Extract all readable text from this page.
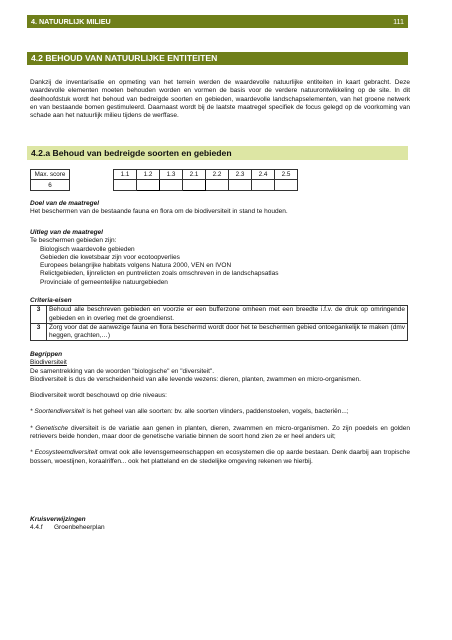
4. NATUURLIJK MILIEU	111
4.2 BEHOUD VAN NATUURLIJKE ENTITEITEN
Dankzij de inventarisatie en opmeting van het terrein werden de waardevolle natuurlijke entiteiten in kaart gebracht. Deze waardevolle elementen moeten behouden worden en vormen de basis voor de verdere natuurontwikkeling op de site. In dit deelhoofdstuk wordt het behoud van bedreigde soorten en gebieden, waardevolle landschapselementen, van het groene netwerk en van bestaande bomen gestimuleerd. Daarnaast wordt bij de laatste maatregel specifiek de focus gelegd op de voorkoming van schade aan het natuurlijk milieu tijdens de werffase.
4.2.a Behoud van bedreigde soorten en gebieden
Max. score		1.1	1.2	1.3	2.1	2.2	2.3	2.4	2.5
6									
Doel van de maatregel
Het beschermen van de bestaande fauna en flora om de biodiversiteit in stand te houden.
Uitleg van de maatregel
Te beschermen gebieden zijn:
Biologisch waardevolle gebieden
Gebieden die kwetsbaar zijn voor ecotoopverlies
Europees belangrijke habitats volgens Natura 2000, VEN en IVON
Relictgebieden, lijnrelicten en puntrelicten zoals omschreven in de landschapsatlas
Provinciale of gemeentelijke natuurgebieden
Criteria-eisen
3	Behoud alle beschreven gebieden en voorzie er een bufferzone omheen met een breedte i.f.v. de druk op omringende gebieden en in overleg met de groendienst.
3	Zorg voor dat de aanwezige fauna en flora beschermd wordt door het te beschermen gebied ontoegankelijk te maken (dmv heggen, grachten,…)
Begrippen
Biodiversiteit
De samentrekking van de woorden "biologische" en "diversiteit".
Biodiversiteit is dus de verscheidenheid van alle levende wezens: dieren, planten, zwammen en micro-organismen.
Biodiversiteit wordt beschouwd op drie niveaus:
* Soortendiversiteit is het geheel van alle soorten: bv. alle soorten vlinders, paddenstoelen, vogels, bacteriën...;
* Genetische diversiteit is de variatie aan genen in planten, dieren, zwammen en micro-organismen. Zo zijn poedels en golden retrievers beide honden, maar door de genetische variatie binnen de soort hond zien ze er heel anders uit;
* Ecosysteemdiversiteit omvat ook alle levensgemeenschappen en ecosystemen die op aarde bestaan. Denk daarbij aan tropische bossen, woestijnen, koraalriffen... ook het platteland en de stedelijke omgeving rekenen we hierbij.
Kruisverwijzingen
4.4.f Groenbeheerplan
